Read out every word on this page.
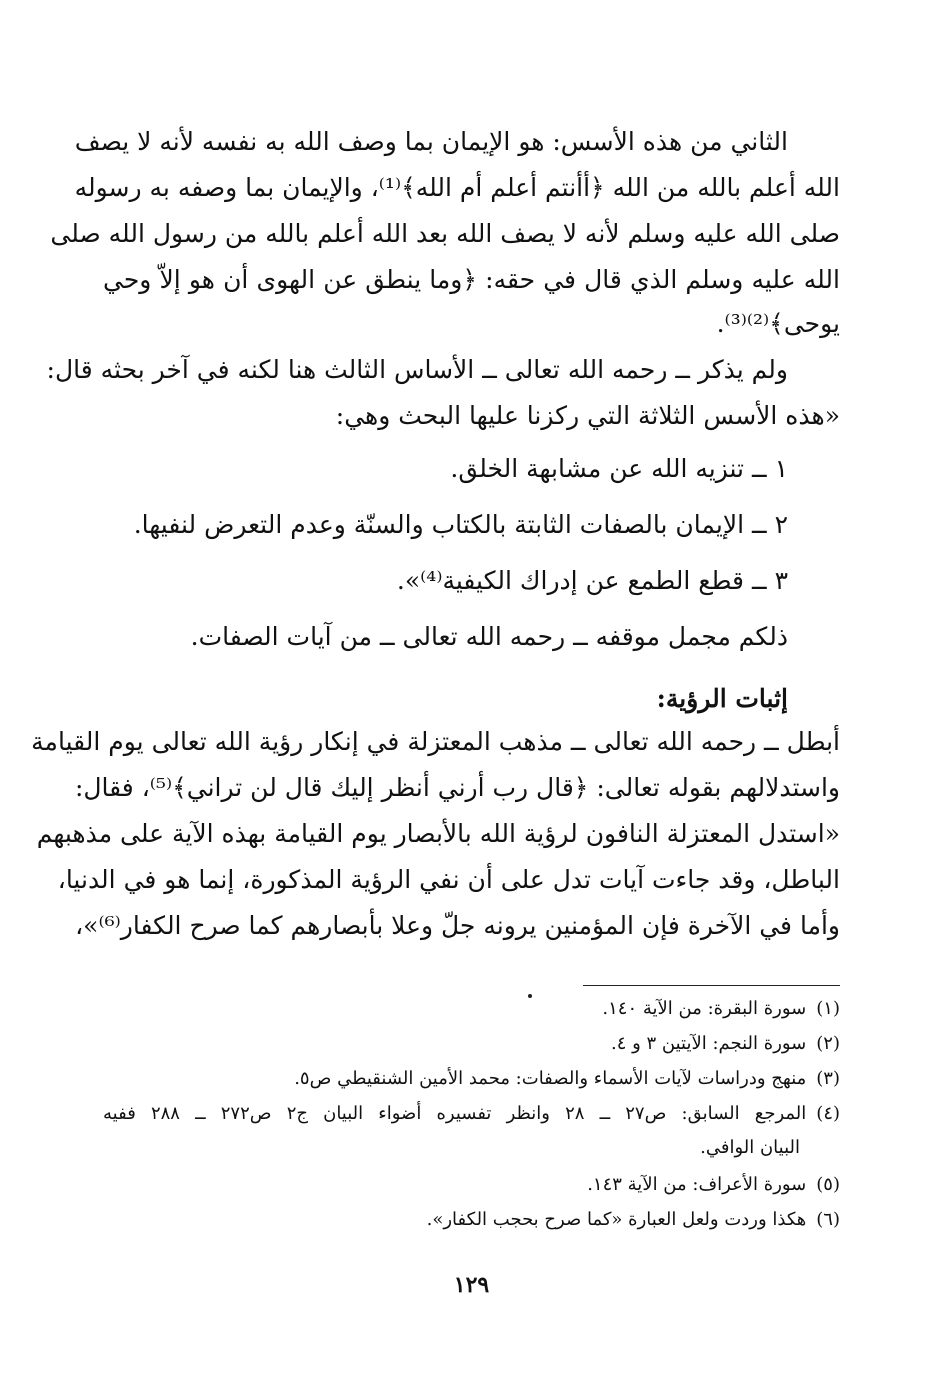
الثاني من هذه الأسس: هو الإيمان بما وصف الله به نفسه لأنه لا يصف
الله أعلم بالله من الله ﴿أأنتم أعلم أم الله﴾⁽¹⁾، والإيمان بما وصفه به رسوله
صلى الله عليه وسلم لأنه لا يصف الله بعد الله أعلم بالله من رسول الله صلى
الله عليه وسلم الذي قال في حقه: ﴿وما ينطق عن الهوى أن هو إلاّ وحي
يوحى﴾⁽²⁾⁽³⁾.
ولم يذكر ــ رحمه الله تعالى ــ الأساس الثالث هنا لكنه في آخر بحثه قال:
«هذه الأسس الثلاثة التي ركزنا عليها البحث وهي:
١ ــ تنزيه الله عن مشابهة الخلق.
٢ ــ الإيمان بالصفات الثابتة بالكتاب والسنّة وعدم التعرض لنفيها.
٣ ــ قطع الطمع عن إدراك الكيفية⁽⁴⁾».
ذلكم مجمل موقفه ــ رحمه الله تعالى ــ من آيات الصفات.
إثبات الرؤية:
أبطل ــ رحمه الله تعالى ــ مذهب المعتزلة في إنكار رؤية الله تعالى يوم القيامة
واستدلالهم بقوله تعالى: ﴿قال رب أرني أنظر إليك قال لن تراني﴾⁽⁵⁾، فقال:
«استدل المعتزلة النافون لرؤية الله بالأبصار يوم القيامة بهذه الآية على مذهبهم
الباطل، وقد جاءت آيات تدل على أن نفي الرؤية المذكورة، إنما هو في الدنيا،
وأما في الآخرة فإن المؤمنين يرونه جلّ وعلا بأبصارهم كما صرح الكفار⁽⁶⁾»،
(١)سورة البقرة: من الآية ١٤٠.
(٢)سورة النجم: الآيتين ٣ و ٤.
(٣)منهج ودراسات لآيات الأسماء والصفات: محمد الأمين الشنقيطي ص٥.
(٤)المرجع السابق: ص٢٧ ــ ٢٨ وانظر تفسيره أضواء البيان ج٢ ص٢٧٢ ــ ٢٨٨ ففيه
البيان الوافي.
(٥)سورة الأعراف: من الآية ١٤٣.
(٦)هكذا وردت ولعل العبارة «كما صرح بحجب الكفار».
١٢٩
